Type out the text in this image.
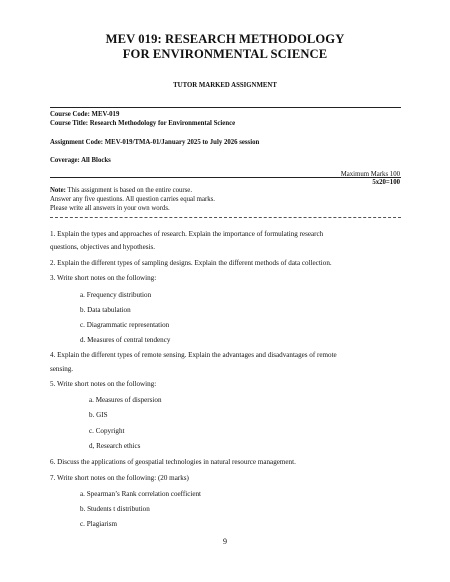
MEV 019: RESEARCH METHODOLOGY
FOR ENVIRONMENTAL SCIENCE
TUTOR MARKED ASSIGNMENT
Course Code: MEV-019
Course Title: Research Methodology for Environmental Science
Assignment Code: MEV-019/TMA-01/January 2025 to July 2026 session
Coverage: All Blocks
Maximum Marks 100
5x20=100
Note: This assignment is based on the entire course.
Answer any five questions. All question carries equal marks.
Please write all answers in your own words.
1. Explain the types and approaches of research. Explain the importance of formulating research
questions, objectives and hypothesis.
2. Explain the different types of sampling designs. Explain the different methods of data collection.
3. Write short notes on the following:
a. Frequency distribution
b. Data tabulation
c. Diagrammatic representation
d. Measures of central tendency
4. Explain the different types of remote sensing. Explain the advantages and disadvantages of remote
sensing.
5. Write short notes on the following:
a. Measures of dispersion
b. GIS
c. Copyright
d, Research ethics
6. Discuss the applications of geospatial technologies in natural resource management.
7. Write short notes on the following: (20 marks)
a. Spearman’s Rank correlation coefficient
b. Students t distribution
c. Plagiarism
9
